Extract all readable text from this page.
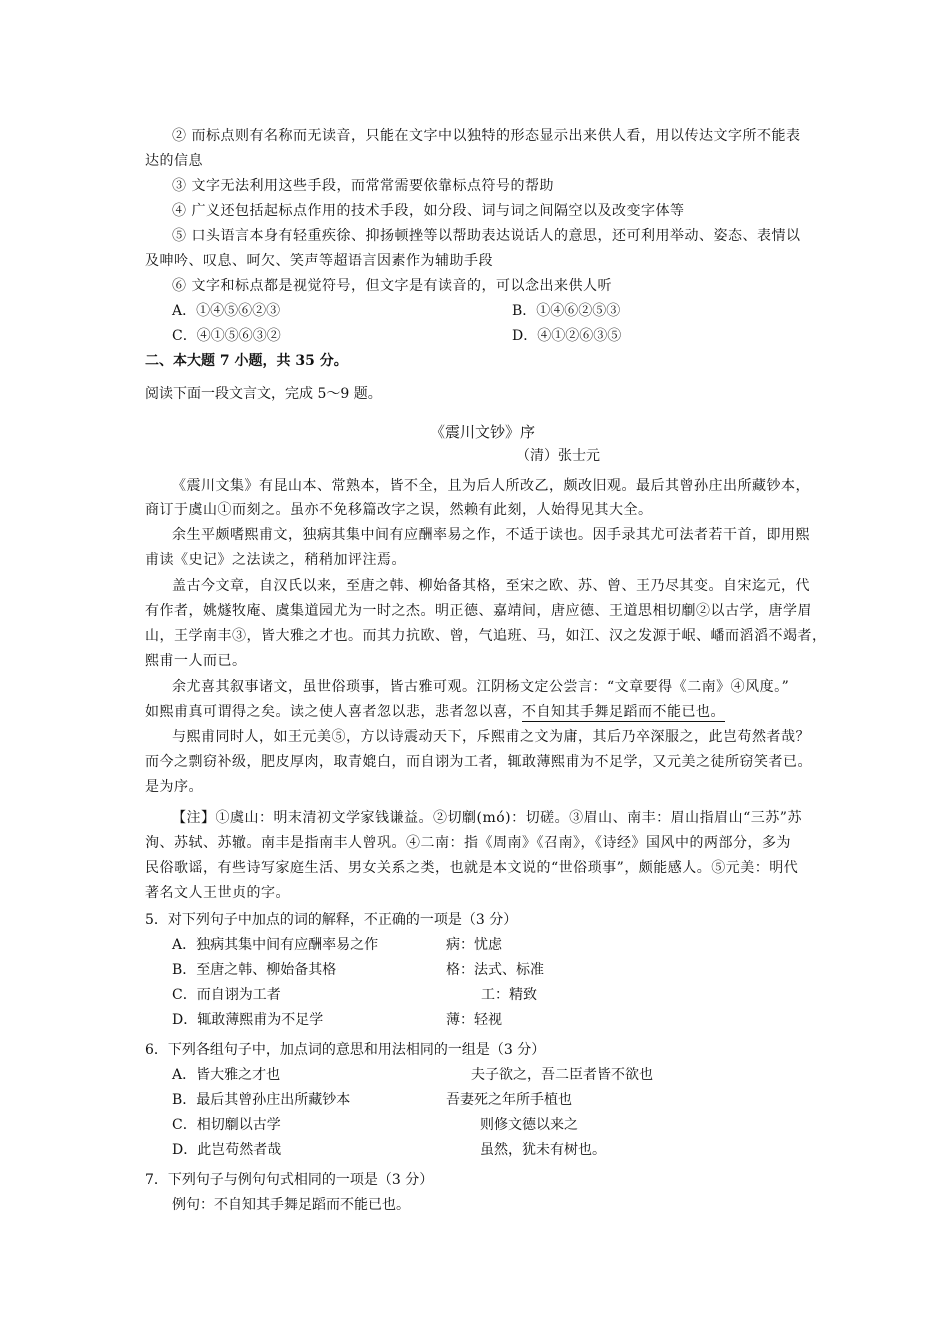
② 而标点则有名称而无读音，只能在文字中以独特的形态显示出来供人看，用以传达文字所不能表
达的信息
③ 文字无法利用这些手段，而常常需要依靠标点符号的帮助
④ 广义还包括起标点作用的技术手段，如分段、词与词之间隔空以及改变字体等
⑤ 口头语言本身有轻重疾徐、抑扬顿挫等以帮助表达说话人的意思，还可利用举动、姿态、表情以
及呻吟、叹息、呵欠、笑声等超语言因素作为辅助手段
⑥ 文字和标点都是视觉符号，但文字是有读音的，可以念出来供人听
A．①④⑤⑥②③	B．①④⑥②⑤③
C．④①⑤⑥③②	D．④①②⑥③⑤
二、本大题 7 小题，共 35 分。
阅读下面一段文言文，完成 5～9 题。
《震川文钞》序
（清）张士元
《震川文集》有昆山本、常熟本，皆不全，且为后人所改乙，颇改旧观。最后其曾孙庄出所藏钞本，
商订于虞山①而刻之。虽亦不免移篇改字之误，然赖有此刻，人始得见其大全。
余生平颇嗜熙甫文，独病其集中间有应酬率易之作，不适于读也。因手录其尤可法者若干首，即用熙
甫读《史记》之法读之，稍稍加评注焉。
盖古今文章，自汉氏以来，至唐之韩、柳始备其格，至宋之欧、苏、曾、王乃尽其变。自宋迄元，代
有作者，姚燧牧庵、虞集道园尤为一时之杰。明正德、嘉靖间，唐应德、王道思相切劘②以古学，唐学眉
山，王学南丰③，皆大雅之才也。而其力抗欧、曾，气追班、马，如江、汉之发源于岷、嶓而滔滔不竭者，
熙甫一人而已。
余尤喜其叙事诸文，虽世俗琐事，皆古雅可观。江阴杨文定公尝言：“文章要得《二南》④风度。”
如熙甫真可谓得之矣。读之使人喜者忽以悲，悲者忽以喜，不自知其手舞足蹈而不能已也。
与熙甫同时人，如王元美⑤，方以诗震动天下，斥熙甫之文为庸，其后乃卒深服之，此岂苟然者哉？
而今之剽窃补级，肥皮厚肉，取青媲白，而自诩为工者，辄敢薄熙甫为不足学，又元美之徒所窃笑者已。
是为序。
【注】①虞山：明末清初文学家钱谦益。②切劘(mó)：切磋。③眉山、南丰：眉山指眉山“三苏”苏
洵、苏轼、苏辙。南丰是指南丰人曾巩。④二南：指《周南》《召南》，《诗经》国风中的两部分，多为
民俗歌谣，有些诗写家庭生活、男女关系之类，也就是本文说的“世俗琐事”，颇能感人。⑤元美：明代
著名文人王世贞的字。
5．对下列句子中加点的词的解释，不正确的一项是（3 分）
A．独病其集中间有应酬率易之作	病：忧虑
B．至唐之韩、柳始备其格	格：法式、标准
C．而自诩为工者	工：精致
D．辄敢薄熙甫为不足学	薄：轻视
6．下列各组句子中，加点词的意思和用法相同的一组是（3 分）
A．皆大雅之才也	夫子欲之，吾二臣者皆不欲也
B．最后其曾孙庄出所藏钞本	吾妻死之年所手植也
C．相切劘以古学	则修文德以来之
D．此岂苟然者哉	虽然，犹未有树也。
7．下列句子与例句句式相同的一项是（3 分）
例句：不自知其手舞足蹈而不能已也。
